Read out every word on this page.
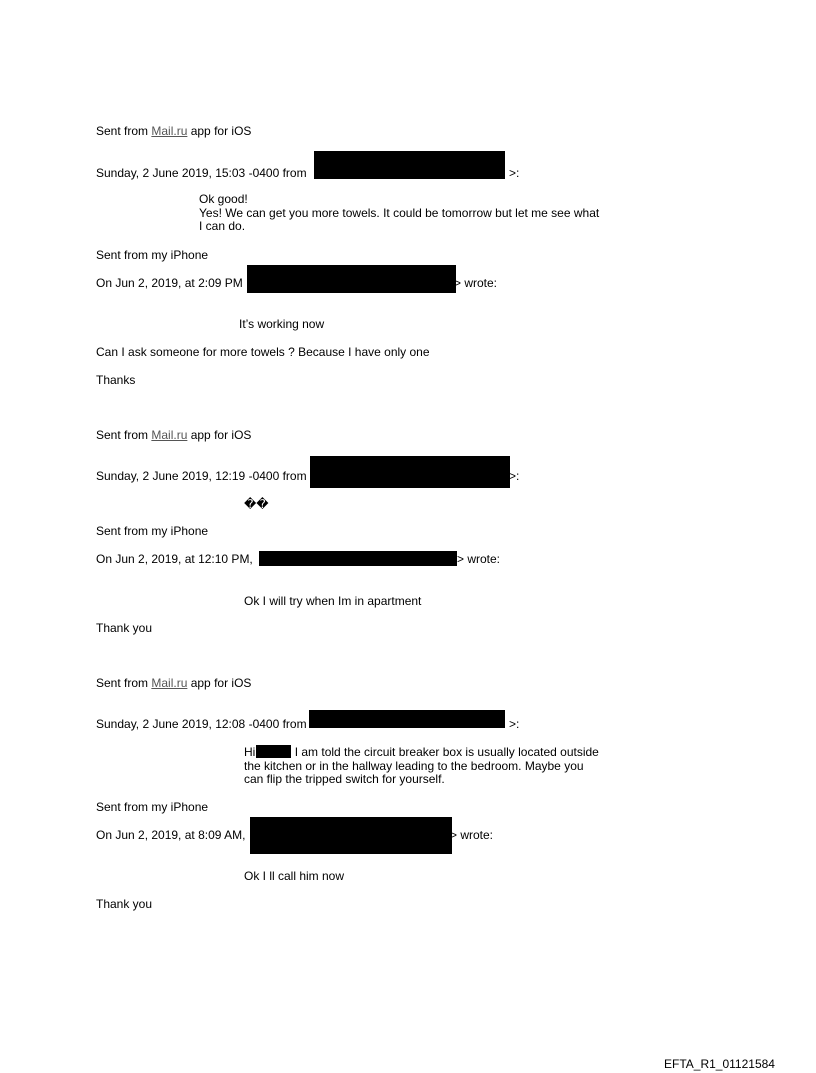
Sent from Mail.ru app for iOS
Sunday, 2 June 2019, 15:03 -0400 from	>:
Ok good!
Yes! We can get you more towels. It could be tomorrow but let me see what
I can do.
Sent from my iPhone
On Jun 2, 2019, at 2:09 PM	> wrote:
It’s working now
Can I ask someone for more towels ? Because I have only one
Thanks
Sent from Mail.ru app for iOS
Sunday, 2 June 2019, 12:19 -0400 from	>:
��
Sent from my iPhone
On Jun 2, 2019, at 12:10 PM,	> wrote:
Ok I will try when Im in apartment
Thank you
Sent from Mail.ru app for iOS
Sunday, 2 June 2019, 12:08 -0400 from	>:
Hi	I am told the circuit breaker box is usually located outside
the kitchen or in the hallway leading to the bedroom. Maybe you
can flip the tripped switch for yourself.
Sent from my iPhone
On Jun 2, 2019, at 8:09 AM,	> wrote:
Ok I ll call him now
Thank you
EFTA_R1_01121584
